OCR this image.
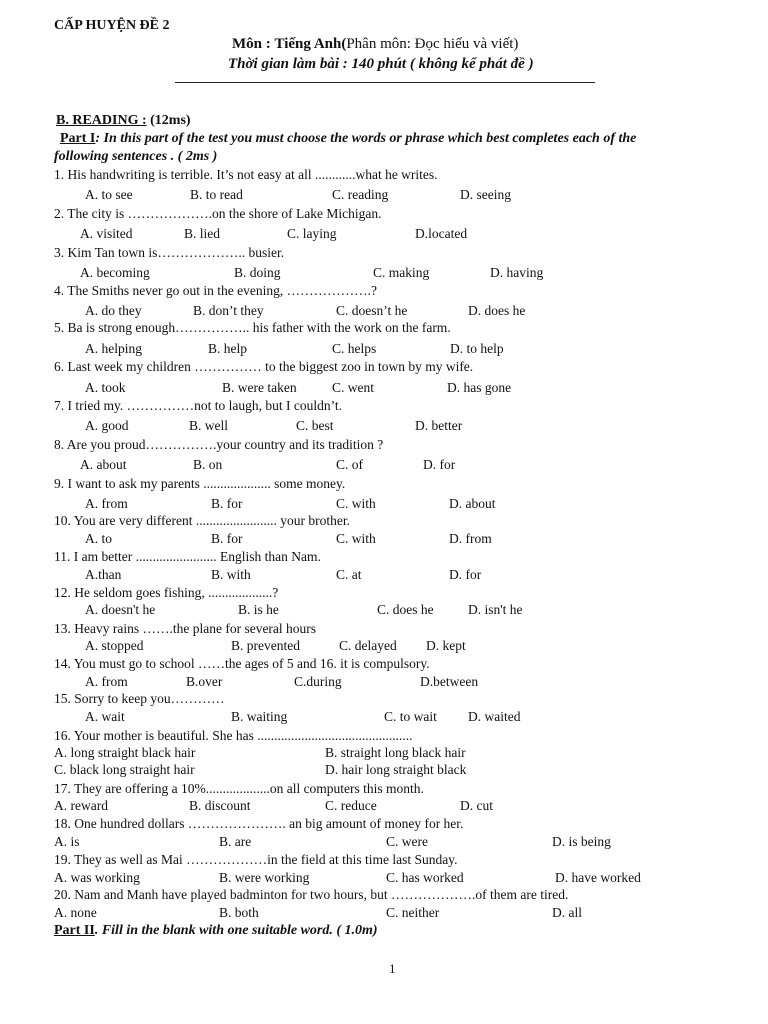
CẤP HUYỆN ĐỀ 2
Môn : Tiếng Anh(Phân môn: Đọc hiểu và viết)
Thời gian làm bài : 140 phút ( không kể phát đề )
B. READING : (12ms)
Part I: In this part of the test you must choose the words or phrase which best completes each of the
following sentences . ( 2ms )
1. His handwriting is terrible. It’s not easy at all ............what he writes.
A. to see	B. to read	C. reading	D. seeing
2. The city is ……………….on the shore of Lake Michigan.
A. visited	B. lied	C. laying	D.located
3. Kim Tan town is……………….. busier.
A. becoming	B. doing	C. making	D. having
4. The Smiths never go out in the evening, ……………….?
A. do they	B. don’t they	C. doesn’t he	D. does he
5. Ba is strong enough…………….. his father with the work on the farm.
A. helping	B. help	C. helps	D. to help
6. Last week my children …………… to the biggest zoo in town by my wife.
A. took	B. were taken	C. went	D. has gone
7. I tried my. ……………not to laugh, but I couldn’t.
A. good	B. well	C. best	D. better
8. Are you proud…………….your country and its tradition ?
A. about	B. on	C. of	D. for
9. I want to ask my parents .................... some money.
A. from	B. for	C. with	D. about
10. You are very different ........................ your brother.
A. to	B. for	C. with	D. from
11. I am better ........................ English than Nam.
A.than	B. with	C. at	D. for
12. He seldom goes fishing, ...................?
A. doesn't he	B. is he	C. does he	D. isn't he
13. Heavy rains …….the plane for several hours
A. stopped	B. prevented	C. delayed D. kept
14. You must go to school ……the ages of 5 and 16. it is compulsory.
A. from	B.over	C.during	D.between
15. Sorry to keep you…………
A. wait	B. waiting	C. to wait D. waited
16. Your mother is beautiful. She has ..............................................
A. long straight black hair	B. straight long black hair
C. black long straight hair	D. hair long straight black
17. They are offering a 10%...................on all computers this month.
A. reward	B. discount	C. reduce	D. cut
18. One hundred dollars …………………. an big amount of money for her.
A. is	B. are	C. were	D. is being
19. They as well as Mai ………………in the field at this time last Sunday.
A. was working	B. were working	C. has worked	D. have worked
20. Nam and Manh have played badminton for two hours, but ……………….of them are tired.
A. none	B. both	C. neither	D. all
Part II. Fill in the blank with one suitable word. ( 1.0m)
1
